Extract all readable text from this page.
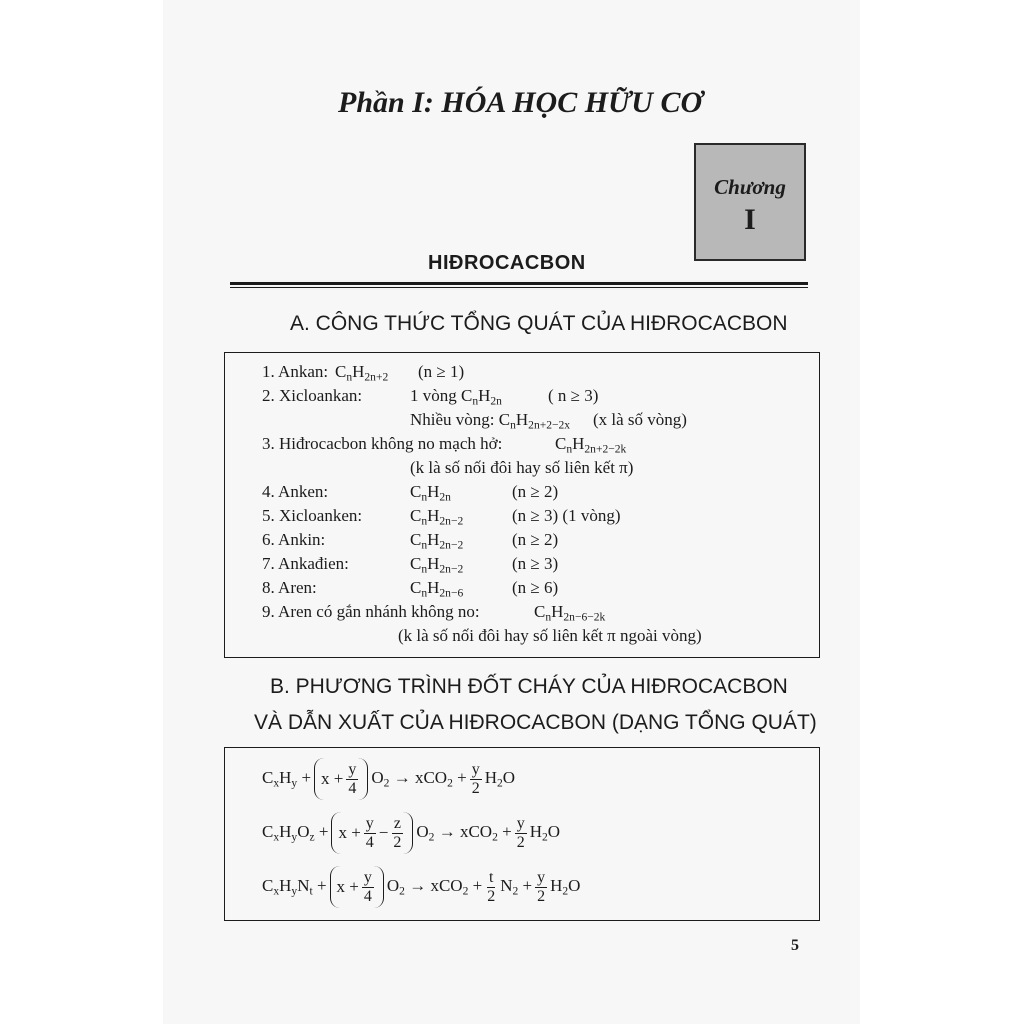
Phần I: HÓA HỌC HỮU CƠ
Chương
I
HIĐROCACBON
A. CÔNG THỨC TỔNG QUÁT CỦA HIĐROCACBON
1. Ankan: $C_nH_{2n+2}$ (n ≥ 1)
2. Xicloankan:	1 vòng $C_nH_{2n}$	( n ≥ 3)
Nhiều vòng: $C_nH_{2n+2-2x}$ (x là số vòng)
3. Hiđrocacbon không no mạch hở:	$C_nH_{2n+2-2k}$
(k là số nối đôi hay số liên kết π)
4. Anken:	$C_nH_{2n}$	(n ≥ 2)
5. Xicloanken:	$C_nH_{2n-2}$	(n ≥ 3) (1 vòng)
6. Ankin:	$C_nH_{2n-2}$	(n ≥ 2)
7. Ankađien:	$C_nH_{2n-2}$	(n ≥ 3)
8. Aren:	$C_nH_{2n-6}$	(n ≥ 6)
9. Aren có gắn nhánh không no:	$C_nH_{2n-6-2k}$
(k là số nối đôi hay số liên kết π ngoài vòng)
B. PHƯƠNG TRÌNH ĐỐT CHÁY CỦA HIĐROCACBON
VÀ DẪN XUẤT CỦA HIĐROCACBON (DẠNG TỔNG QUÁT)
$C_xH_y + x + \frac{y}{4} O_2 \to xCO_2 + \frac{y}{2} H_2O$
$C_xH_yO_z + x + \frac{y}{4} - \frac{z}{2} O_2 \to xCO_2 + \frac{y}{2} H_2O$
$C_xH_yN_t + x + \frac{y}{4} O_2 \to xCO_2 + \frac{t}{2} N_2 + \frac{y}{2} H_2O$
5
